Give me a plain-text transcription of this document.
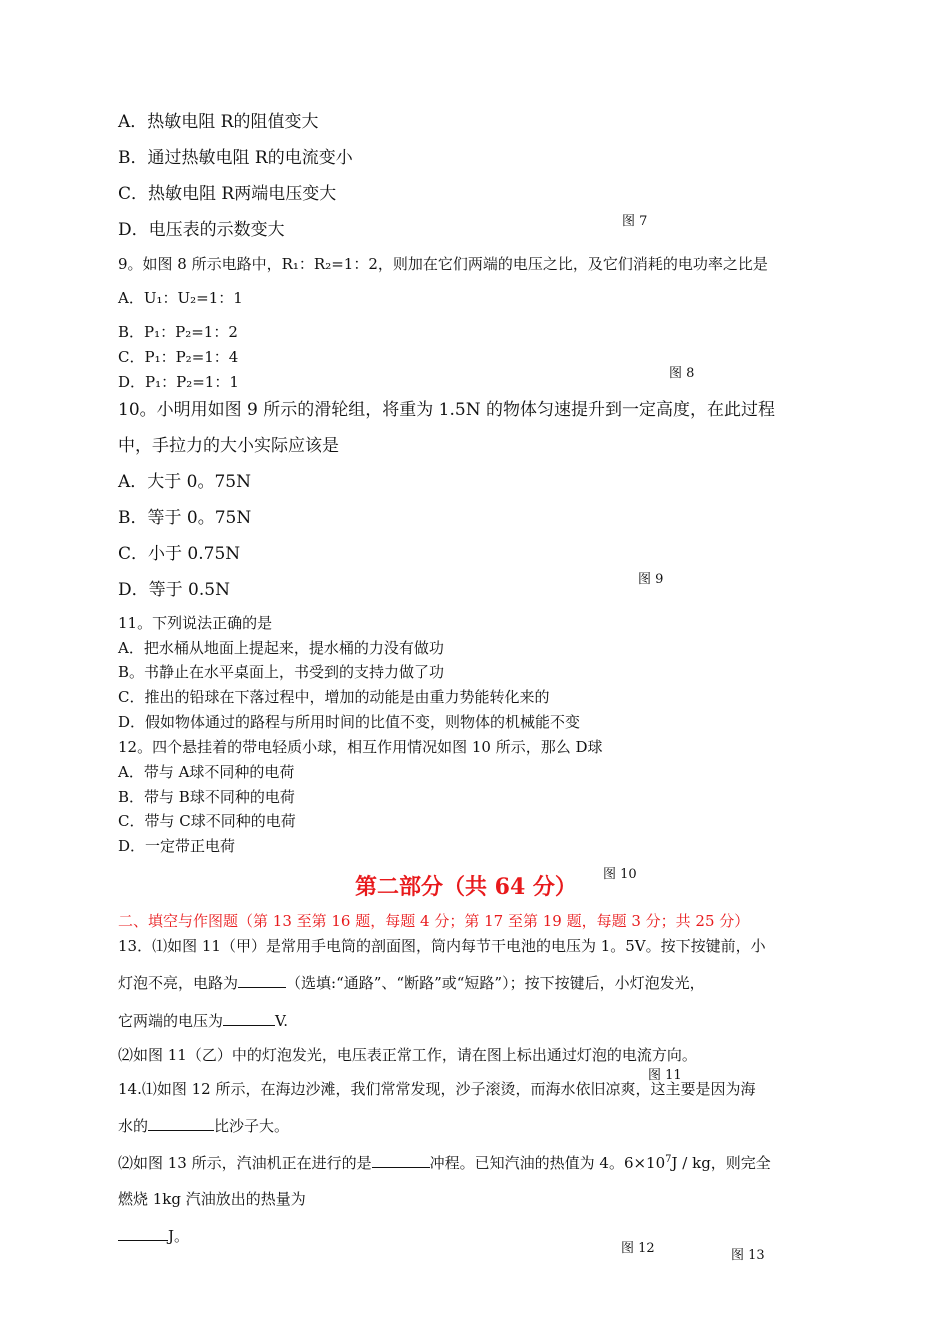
A．热敏电阻 R的阻值变大
B．通过热敏电阻 R的电流变小
C．热敏电阻 R两端电压变大
D．电压表的示数变大	图 7
9。如图 8 所示电路中，R₁：R₂=1：2，则加在它们两端的电压之比，及它们消耗的电功率之比是
A．U₁：U₂=1：1
B．P₁：P₂=1：2
C．P₁：P₂=1：4
D．P₁：P₂=1：1	图 8
10。小明用如图 9 所示的滑轮组，将重为 1.5N 的物体匀速提升到一定高度，在此过程
中，手拉力的大小实际应该是
A．大于 0。75N
B．等于 0。75N
C．小于 0.75N
D．等于 0.5N
图 9
11。下列说法正确的是
A．把水桶从地面上提起来，提水桶的力没有做功
B。书静止在水平桌面上，书受到的支持力做了功
C．推出的铅球在下落过程中，增加的动能是由重力势能转化来的
D．假如物体通过的路程与所用时间的比值不变，则物体的机械能不变
12。四个悬挂着的带电轻质小球，相互作用情况如图 10 所示，那么 D球
A．带与 A球不同种的电荷
B．带与 B球不同种的电荷
C．带与 C球不同种的电荷
D．一定带正电荷
图 10
第二部分（共 64 分）
二、填空与作图题（第 13 至第 16 题，每题 4 分；第 17 至第 19 题，每题 3 分；共 25 分）
13．⑴如图 11（甲）是常用手电筒的剖面图，筒内每节干电池的电压为 1。5V。按下按键前，小
灯泡不亮，电路为	（选填:“通路”、“断路”或“短路”）；按下按键后，小灯泡发光，
它两端的电压为	V.
⑵如图 11（乙）中的灯泡发光，电压表正常工作，请在图上标出通过灯泡的电流方向。
图 11
14.⑴如图 12 所示，在海边沙滩，我们常常发现，沙子滚烫，而海水依旧凉爽，这主要是因为海
水的	比沙子大。
⑵如图 13 所示，汽油机正在进行的是	冲程。已知汽油的热值为 4。$6\times 10^7J$ / kg，则完全
燃烧 1kg 汽油放出的热量为
J。
图 12	图 13
